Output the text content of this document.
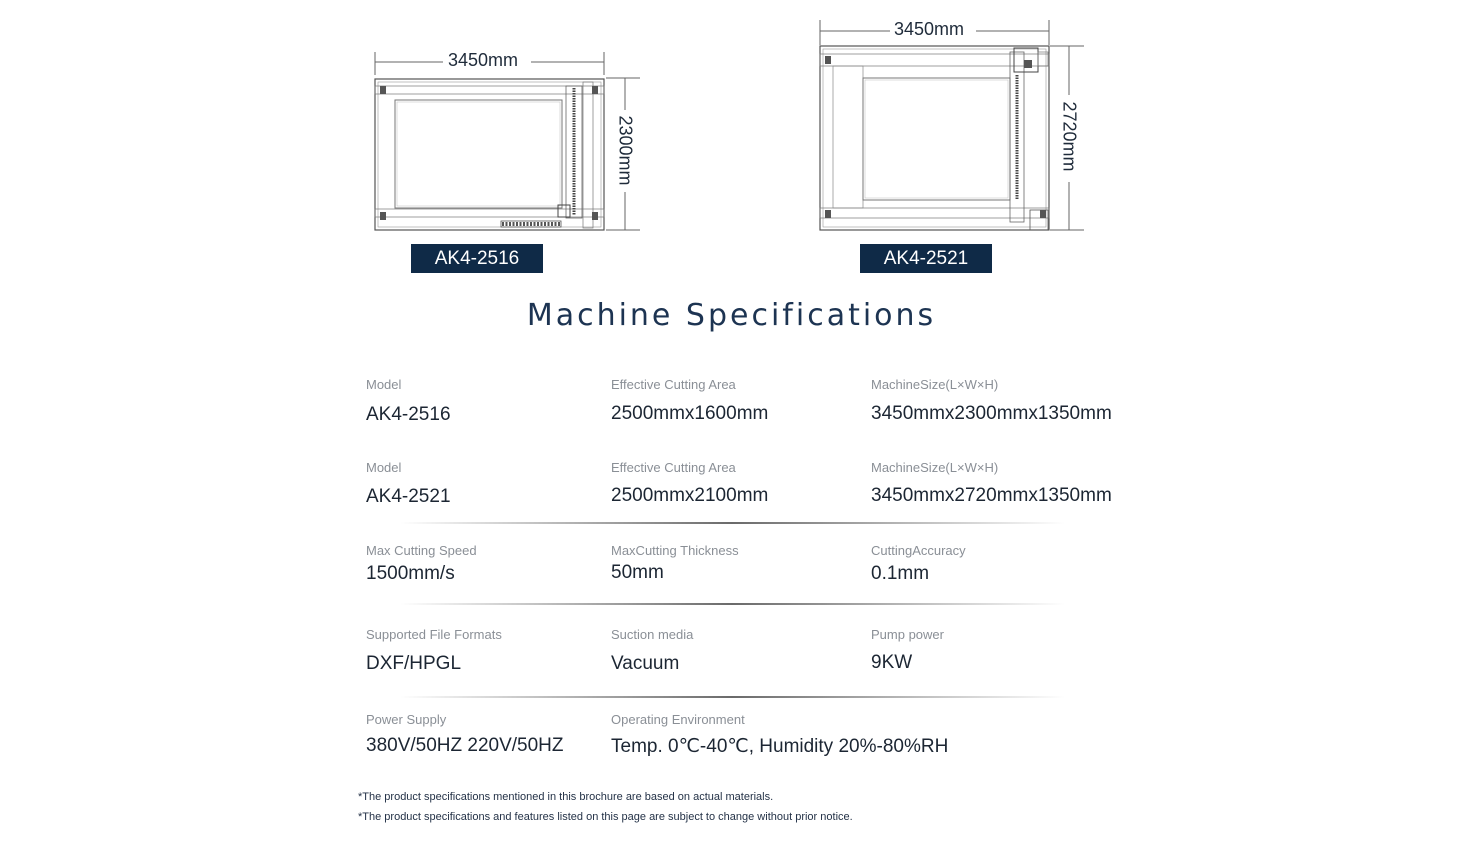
3450mm
2300mm
AK4-2516
3450mm
2720mm
AK4-2521
Machine Specifications
Model
AK4-2516
Effective Cutting Area
2500mmx1600mm
MachineSize(L×W×H)
3450mmx2300mmx1350mm
Model
AK4-2521
Effective Cutting Area
2500mmx2100mm
MachineSize(L×W×H)
3450mmx2720mmx1350mm
Max Cutting Speed
1500mm/s
MaxCutting Thickness
50mm
CuttingAccuracy
0.1mm
Supported File Formats
DXF/HPGL
Suction media
Vacuum
Pump power
9KW
Power Supply
380V/50HZ 220V/50HZ
Operating Environment
Temp. 0℃-40℃, Humidity 20%-80%RH
*The product specifications mentioned in this brochure are based on actual materials.
*The product specifications and features listed on this page are subject to change without prior notice.
